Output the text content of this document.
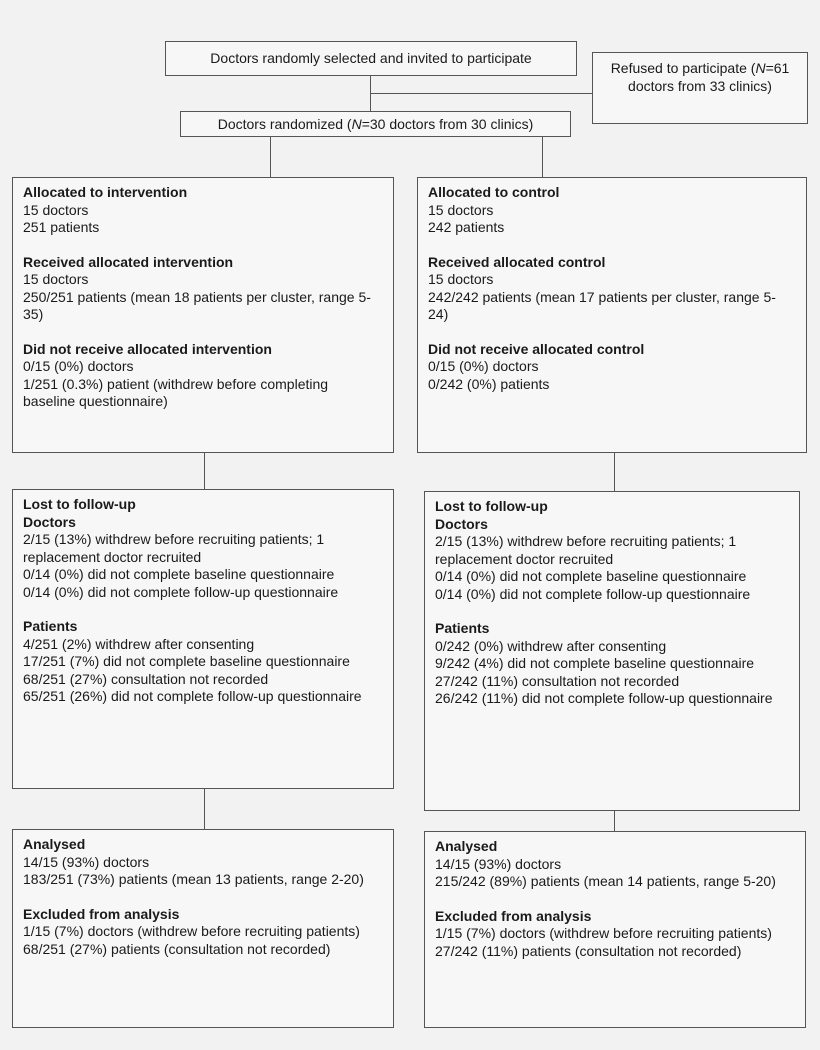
Doctors randomly selected and invited to participate
Refused to participate (N=61 doctors from 33 clinics)
Doctors randomized (N=30 doctors from 30 clinics)
Allocated to intervention
15 doctors
251 patients
Received allocated intervention
15 doctors
250/251 patients (mean 18 patients per cluster, range 5-35)
Did not receive allocated intervention
0/15 (0%) doctors
1/251 (0.3%) patient (withdrew before completing baseline questionnaire)
Allocated to control
15 doctors
242 patients
Received allocated control
15 doctors
242/242 patients (mean 17 patients per cluster, range 5-24)
Did not receive allocated control
0/15 (0%) doctors
0/242 (0%) patients
Lost to follow-up
Doctors
2/15 (13%) withdrew before recruiting patients; 1 replacement doctor recruited
0/14 (0%) did not complete baseline questionnaire
0/14 (0%) did not complete follow-up questionnaire
Patients
4/251 (2%) withdrew after consenting
17/251 (7%) did not complete baseline questionnaire
68/251 (27%) consultation not recorded
65/251 (26%) did not complete follow-up questionnaire
Lost to follow-up
Doctors
2/15 (13%) withdrew before recruiting patients; 1 replacement doctor recruited
0/14 (0%) did not complete baseline questionnaire
0/14 (0%) did not complete follow-up questionnaire
Patients
0/242 (0%) withdrew after consenting
9/242 (4%) did not complete baseline questionnaire
27/242 (11%) consultation not recorded
26/242 (11%) did not complete follow-up questionnaire
Analysed
14/15 (93%) doctors
183/251 (73%) patients (mean 13 patients, range 2-20)
Excluded from analysis
1/15 (7%) doctors (withdrew before recruiting patients)
68/251 (27%) patients (consultation not recorded)
Analysed
14/15 (93%) doctors
215/242 (89%) patients (mean 14 patients, range 5-20)
Excluded from analysis
1/15 (7%) doctors (withdrew before recruiting patients)
27/242 (11%) patients (consultation not recorded)
